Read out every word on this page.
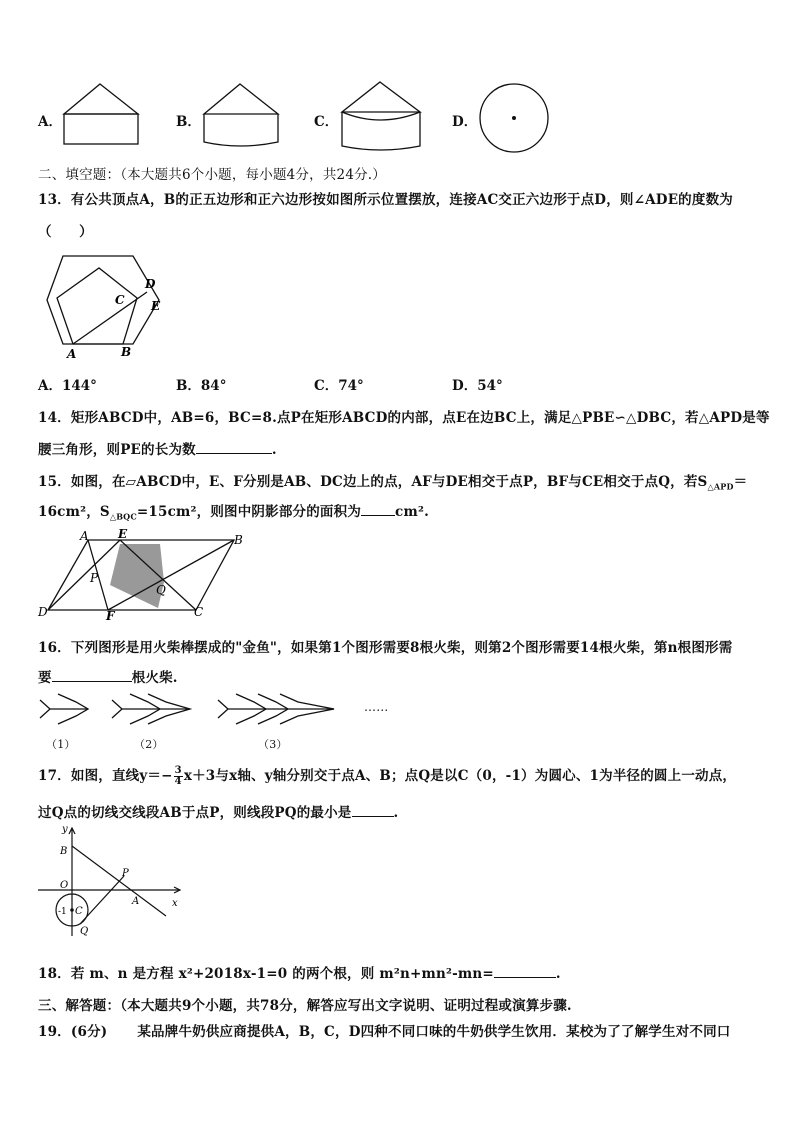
A．	B．	C．	D．
二、填空题：（本大题共6个小题，每小题4分，共24分.）
13．有公共顶点A，B的正五边形和正六边形按如图所示位置摆放，连接AC交正六边形于点D，则∠ADE的度数为
（　　）
C
D
E
A	B
A．144°	B．84°	C．74°	D．54°
14．矩形ABCD中，AB=6，BC=8.点P在矩形ABCD的内部，点E在边BC上，满足△PBE∽△DBC，若△APD是等
腰三角形，则PE的长为数	.
15．如图，在▱ABCD中，E、F分别是AB、DC边上的点，AF与DE相交于点P，BF与CE相交于点Q，若$S_{\triangle APD}=$
16cm²，$S_{\triangle BQC}=15cm^2$，则图中阴影部分的面积为	cm².
A E	B
P
Q
D	F	C
16．下列图形是用火柴棒摆成的"金鱼"，如果第1个图形需要8根火柴，则第2个图形需要14根火柴，第n根图形需
要	根火柴.
……
（1）	（2）	（3）
17．如图，直线$y=- \frac{3}{4} x+3$与x轴、y轴分别交于点A、B；点Q是以C（0，-1）为圆心、1为半径的圆上一动点，
过Q点的切线交线段AB于点P，则线段PQ的最小是	.
y
B
O
P
A	x
-1 C
Q
18．若 m、n 是方程 x²+2018x-1=0 的两个根，则 m²n+mn²-mn=	.
三、解答题：（本大题共9个小题，共78分，解答应写出文字说明、证明过程或演算步骤.
19．(6分) 某品牌牛奶供应商提供A，B，C，D四种不同口味的牛奶供学生饮用．某校为了了解学生对不同口
